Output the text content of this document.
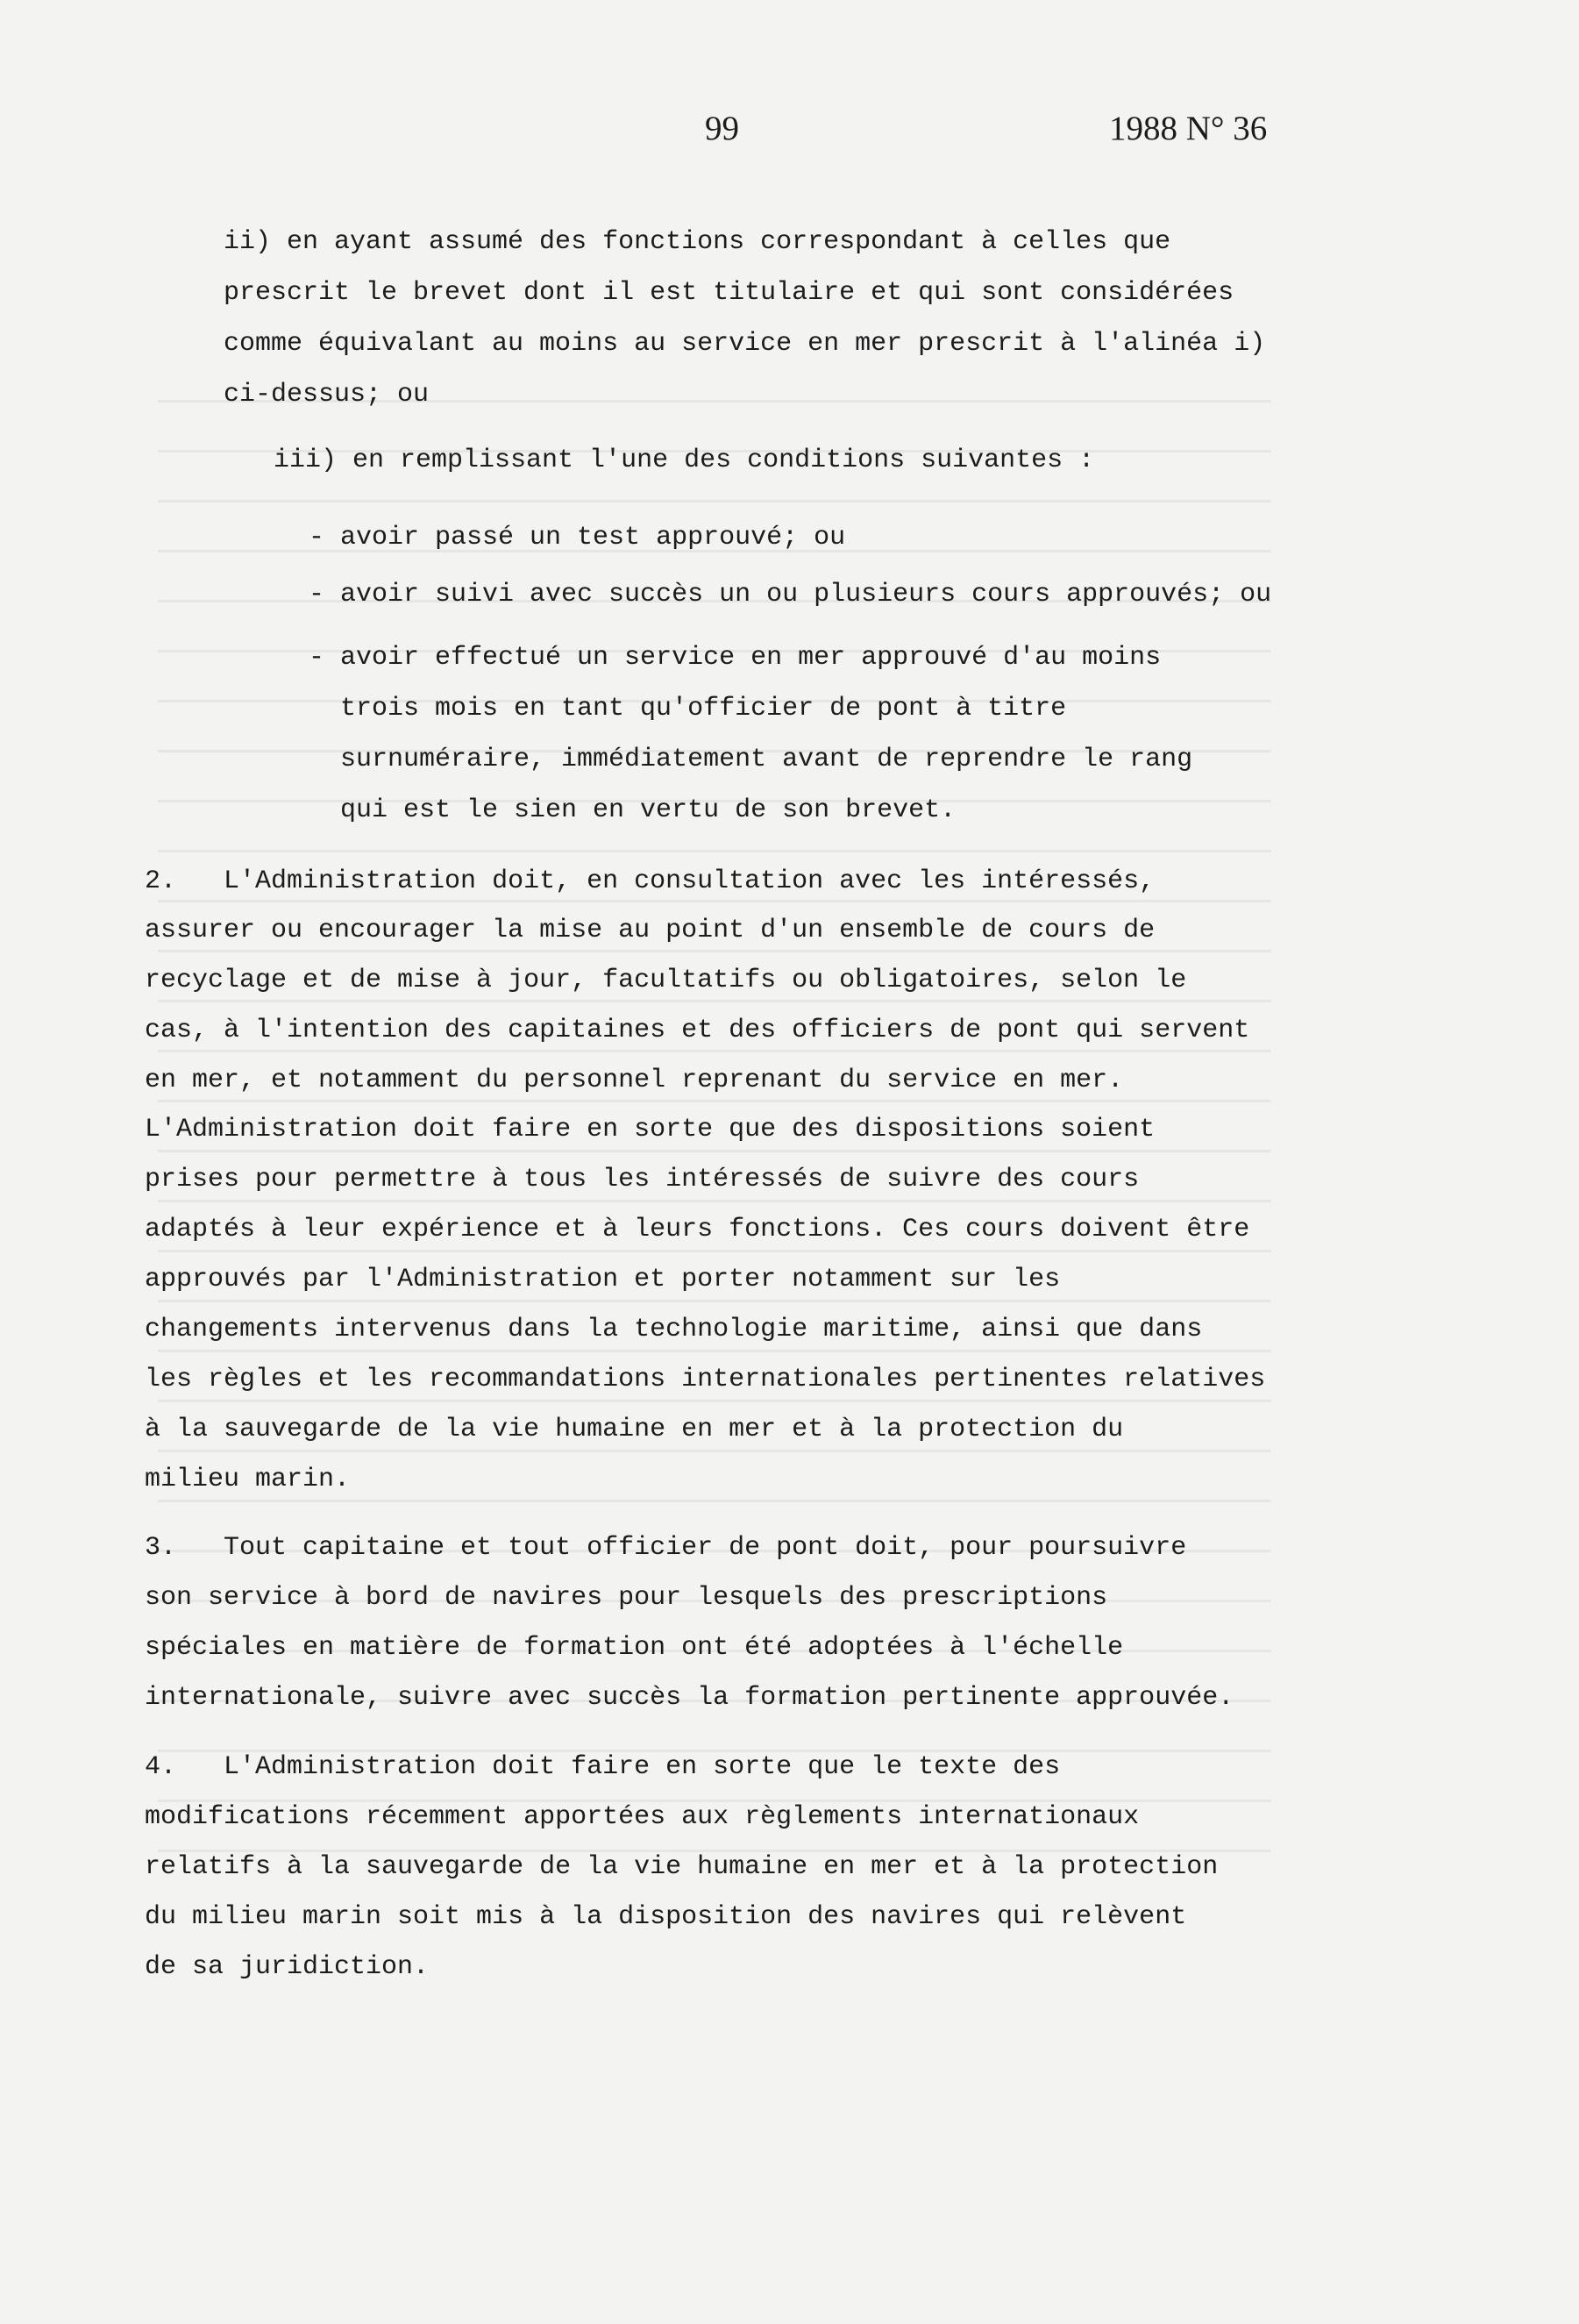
99	1988 N° 36
ii) en ayant assumé des fonctions correspondant à celles que
prescrit le brevet dont il est titulaire et qui sont considérées
comme équivalant au moins au service en mer prescrit à l'alinéa i)
ci-dessus; ou
iii) en remplissant l'une des conditions suivantes :
- avoir passé un test approuvé; ou
- avoir suivi avec succès un ou plusieurs cours approuvés; ou
- avoir effectué un service en mer approuvé d'au moins
trois mois en tant qu'officier de pont à titre
surnuméraire, immédiatement avant de reprendre le rang
qui est le sien en vertu de son brevet.
2.   L'Administration doit, en consultation avec les intéressés,
assurer ou encourager la mise au point d'un ensemble de cours de
recyclage et de mise à jour, facultatifs ou obligatoires, selon le
cas, à l'intention des capitaines et des officiers de pont qui servent
en mer, et notamment du personnel reprenant du service en mer.
L'Administration doit faire en sorte que des dispositions soient
prises pour permettre à tous les intéressés de suivre des cours
adaptés à leur expérience et à leurs fonctions. Ces cours doivent être
approuvés par l'Administration et porter notamment sur les
changements intervenus dans la technologie maritime, ainsi que dans
les règles et les recommandations internationales pertinentes relatives
à la sauvegarde de la vie humaine en mer et à la protection du
milieu marin.
3.   Tout capitaine et tout officier de pont doit, pour poursuivre
son service à bord de navires pour lesquels des prescriptions
spéciales en matière de formation ont été adoptées à l'échelle
internationale, suivre avec succès la formation pertinente approuvée.
4.   L'Administration doit faire en sorte que le texte des
modifications récemment apportées aux règlements internationaux
relatifs à la sauvegarde de la vie humaine en mer et à la protection
du milieu marin soit mis à la disposition des navires qui relèvent
de sa juridiction.
